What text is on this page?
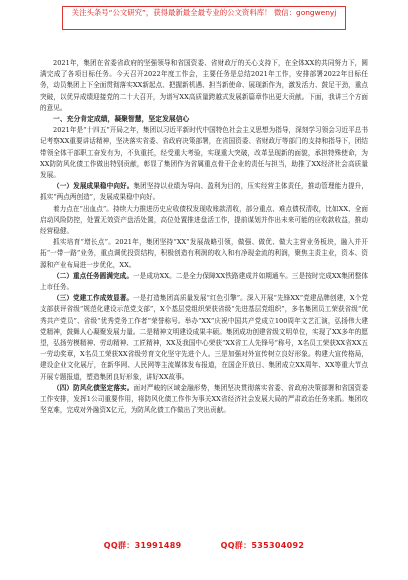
关注头条号“公文研究”，获得最新最全最专业的公文资料库！ 微信：gongwenyj

2021年，集团在省委省政府的坚强领导和省国资委、省财政厅的关心支持下，在全体XX的共同努力下，圆满完成了各项目标任务。今天召开2022年度工作会，主要任务是总结2021年工作，安排部署2022年目标任务，动员集团上下全面贯彻落实XX新起点、把握新机遇、担当新使命、展现新作为，激发活力、鼓足干劲，重点突破，以优异成绩迎接党的二十大召开，为谱写XX高质量跨越式发展新篇章作出更大贡献。下面，我讲三个方面的意见。

一、充分肯定成绩，凝聚智慧，坚定发展信心

2021年是“十四五”开局之年，集团以习近平新时代中国特色社会主义思想为指导，深刻学习领会习近平总书记考察XX重要讲话精神，坚决落实省委、省政府决策部署，在省国资委、省财政厅等部门的支持和指导下，团结带领全体干部职工奋发有为，不负重托，经受重大考验，实现重大突破，改革呈现新的面貌，承担特殊使命，为XX防防风化债工作做出特别贡献，彰显了集团作为省属重点骨干企业的责任与担当，助推了XX经济社会高质量发展。

（一）发展成果稳中向好。集团坚持以业绩为导向、盈利为目的，压实经营主体责任，推动管理能力提升，抓实“两点两创造”，发展成果稳中向好。

着力点在“出血点”。持续大力推进历史应收债权发现收账款清收，部分重点、难点债权清收，比如XX、全面启动风险防控，处置无效资产盘活处置，高位处置推进盘活工作，提前谋划并作出未来可能的应收款收益，推动经营稳健。

抓实培育“增长点”。2021年，集团坚持“XX”发展战略引领，做强、做优、做大主营业务板块，融入并开拓“一带一路”业务，重点调优投资结构，积极创造有利润的收入和有净现金流的利润，聚焦主责主业，资本、资源和产业布局进一步优化，XX。

（二）重点任务圆满完成。一是成功XX。二是全力保障XX铁路建成并如期通车。三是按时完成XX集团整体上市任务。

（三）党建工作成效显著。一是打造集团高质量发展“红色引擎”。深入开展“先锋XX”党建品牌创建，X个党支部获评省级“规范化建设示范党支部”，X个基层党组织荣获省级“先进基层党组织”，多名集团员工荣获省级“优秀共产党员”、省级“优秀党务工作者”荣誉称号。举办“XX”庆祝中国共产党成立100周年文艺汇演，弘扬伟大建党精神，鼓舞人心凝聚发展力量。二是精神文明建设成果丰硕。集团成功创建省级文明单位，实现了XX多年的愿望，弘扬劳模精神、劳动精神、工匠精神，XX及我国中心荣获“XX省工人先锋号”称号，X名员工荣获XX省XX五一劳动奖章，X名员工荣获XX省级劳育文化坚守先进个人。三是加强对外宣传树立良好形象。构建大宣传格局，建设企业文化展厅，在新华网、人民网等主流媒体发布报道，在国企开放日、集团成立XX周年、XX等重大节点开展专题报道，塑造集团良好形象，讲好XX故事。

（四）防风化债坚定落实。面对严峻的区域金融形势，集团坚决贯彻落实省委、省政府决策部署和省国资委工作安排，发挥1公司重要作用，将防风化债工作作为事关XX省经济社会发展大局的严肃政治任务来抓。集团攻坚克难，完成对外融资X亿元，为防风化债工作做出了突出贡献。

QQ群：31991489	QQ群：535304092
